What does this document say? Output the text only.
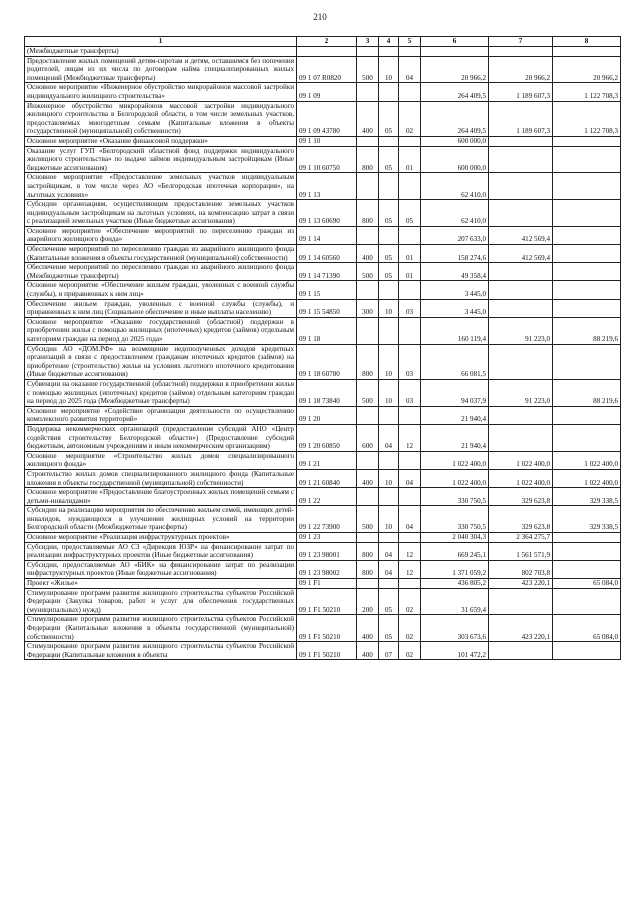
210
1	2	3	4	5	6	7	8
(Межбюджетные трансферты)							
Предоставление жилых помещений детям-сиротам и детям, оставшимся без попечения родителей, лицам из их числа по договорам найма специализированных жилых помещений (Межбюджетные трансферты)	09 1 07 R0820	500	10	04	20 966,2	20 966,2	20 966,2
Основное мероприятие «Инженерное обустройство микрорайонов массовой застройки индивидуального жилищного строительства»	09 1 09				264 409,5	1 189 607,3	1 122 708,3
Инженерное обустройство микрорайонов массовой застройки индивидуального жилищного строительства в Белгородской области, в том числе земельных участков, предоставляемых многодетным семьям (Капитальные вложения в объекты государственной (муниципальной) собственности)	09 1 09 43780	400	05	02	264 409,5	1 189 607,3	1 122 708,3
Основное мероприятие «Оказание финансовой поддержки»	09 1 10				600 000,0		
Оказание услуг ГУП «Белгородский областной фонд поддержки индивидуального жилищного строительства» по выдаче займов индивидуальным застройщикам (Иные бюджетные ассигнования)	09 1 10 60750	800	05	01	600 000,0		
Основное мероприятие «Предоставление земельных участков индивидуальным застройщикам, в том числе через АО «Белгородская ипотечная корпорация», на льготных условиях»	09 1 13				62 410,0		
Субсидии организациям, осуществляющим предоставление земельных участков индивидуальным застройщикам на льготных условиях, на компенсацию затрат в связи с реализацией земельных участков (Иные бюджетные ассигнования)	09 1 13 60690	800	05	05	62 410,0		
Основное мероприятие «Обеспечение мероприятий по переселению граждан из аварийного жилищного фонда»	09 1 14				207 633,0	412 569,4	
Обеспечение мероприятий по переселению граждан из аварийного жилищного фонда (Капитальные вложения в объекты государственной (муниципальной) собственности)	09 1 14 60560	400	05	01	158 274,6	412 569,4	
Обеспечение мероприятий по переселению граждан из аварийного жилищного фонда (Межбюджетные трансферты)	09 1 14 71390	500	05	01	49 358,4		
Основное мероприятие «Обеспечение жильем граждан, уволенных с военной службы (службы), и приравненных к ним лиц»	09 1 15				3 445,0		
Обеспечение жильем граждан, уволенных с военной службы (службы), и приравненных к ним лиц (Социальное обеспечение и иные выплаты населению)	09 1 15 54850	300	10	03	3 445,0		
Основное мероприятие «Оказание государственной (областной) поддержки в приобретении жилья с помощью жилищных (ипотечных) кредитов (займов) отдельным категориям граждан на период до 2025 года»	09 1 18				160 119,4	91 223,0	88 219,6
Субсидии АО «ДОМ.РФ» на возмещение недополученных доходов кредитных организаций в связи с предоставлением гражданам ипотечных кредитов (займов) на приобретение (строительство) жилья на условиях льготного ипотечного кредитования (Иные бюджетные ассигнования)	09 1 18 60780	800	10	03	66 081,5		
Субвенции на оказание государственной (областной) поддержки в приобретении жилья с помощью жилищных (ипотечных) кредитов (займов) отдельным категориям граждан на период до 2025 года (Межбюджетные трансферты)	09 1 18 73840	500	10	03	94 037,9	91 223,0	88 219,6
Основное мероприятие «Содействие организации деятельности по осуществлению комплексного развития территорий»	09 1 20				21 940,4		
Поддержка некоммерческих организаций (предоставление субсидий АНО «Центр содействия строительству Белгородской области») (Предоставление субсидий бюджетным, автономным учреждениям и иным некоммерческим организациям)	09 1 20 60850	600	04	12	21 940,4		
Основное мероприятие «Строительство жилых домов специализированного жилищного фонда»	09 1 21				1 022 400,0	1 022 400,0	1 022 400,0
Строительство жилых домов специализированного жилищного фонда (Капитальные вложения в объекты государственной (муниципальной) собственности)	09 1 21 60840	400	10	04	1 022 400,0	1 022 400,0	1 022 400,0
Основное мероприятие «Предоставление благоустроенных жилых помещений семьям с детьми-инвалидами»	09 1 22				330 750,5	329 623,8	329 338,5
Субсидии на реализацию мероприятия по обеспечению жильем семей, имеющих детей-инвалидов, нуждающихся в улучшении жилищных условий на территории Белгородской области (Межбюджетные трансферты)	09 1 22 73900	500	10	04	330 750,5	329 623,8	329 338,5
Основное мероприятие «Реализация инфраструктурных проектов»	09 1 23				2 040 304,3	2 364 275,7	
Субсидии, предоставляемые АО СЗ «Дирекция ЮЗР» на финансирование затрат по реализации инфраструктурных проектов (Иные бюджетные ассигнования)	09 1 23 98001	800	04	12	669 245,1	1 561 571,9	
Субсидии, предоставляемые АО «БИК» на финансирование затрат по реализации инфраструктурных проектов (Иные бюджетные ассигнования)	09 1 23 98002	800	04	12	1 371 059,2	802 703,8	
Проект «Жилье»	09 1 F1				436 805,2	423 220,1	65 084,0
Стимулирование программ развития жилищного строительства субъектов Российской Федерации (Закупка товаров, работ и услуг для обеспечения государственных (муниципальных) нужд)	09 1 F1 50210	200	05	02	31 659,4		
Стимулирование программ развития жилищного строительства субъектов Российской Федерации (Капитальные вложения в объекты государственной (муниципальной) собственности)	09 1 F1 50210	400	05	02	303 673,6	423 220,1	65 084,0
Стимулирование программ развития жилищного строительства субъектов Российской Федерации (Капитальные вложения в объекты	09 1 F1 50210	400	07	02	101 472,2		
